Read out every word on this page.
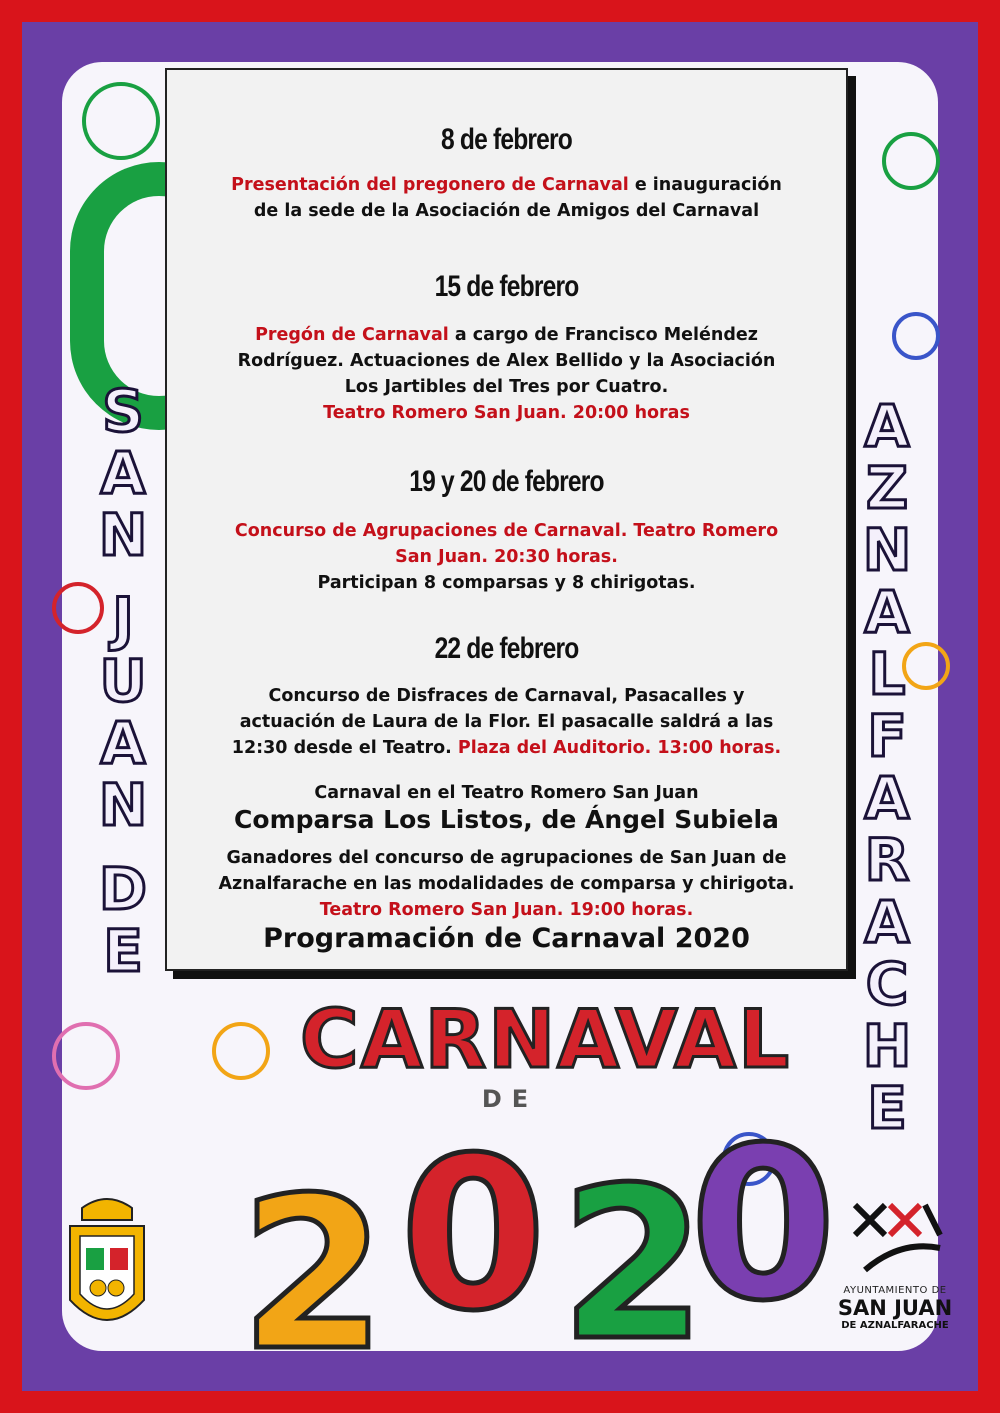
S
A
N
J
U
A
N
D
E
A
Z
N
A
L
F
A
R
A
C
H
E

8 de febrero

Presentación del pregonero de Carnaval e inauguración

de la sede de la Asociación de Amigos del Carnaval

15 de febrero

Pregón de Carnaval a cargo de Francisco Meléndez

Rodríguez. Actuaciones de Alex Bellido y la Asociación

Los Jartibles del Tres por Cuatro.

Teatro Romero San Juan. 20:00 horas

19 y 20 de febrero

Concurso de Agrupaciones de Carnaval. Teatro Romero

San Juan. 20:30 horas.

Participan 8 comparsas y 8 chirigotas.

22 de febrero

Concurso de Disfraces de Carnaval, Pasacalles y

actuación de Laura de la Flor. El pasacalle saldrá a las

12:30 desde el Teatro. Plaza del Auditorio. 13:00 horas.

Carnaval en el Teatro Romero San Juan

Comparsa Los Listos, de Ángel Subiela

Ganadores del concurso de agrupaciones de San Juan de

Aznalfarache en las modalidades de comparsa y chirigota.

Teatro Romero San Juan. 19:00 horas.

Programación de Carnaval 2020

CARNAVAL
DE
2 0 2
0 AYUNTAMIENTO DE

SAN JUAN

DE AZNALFARACHE
